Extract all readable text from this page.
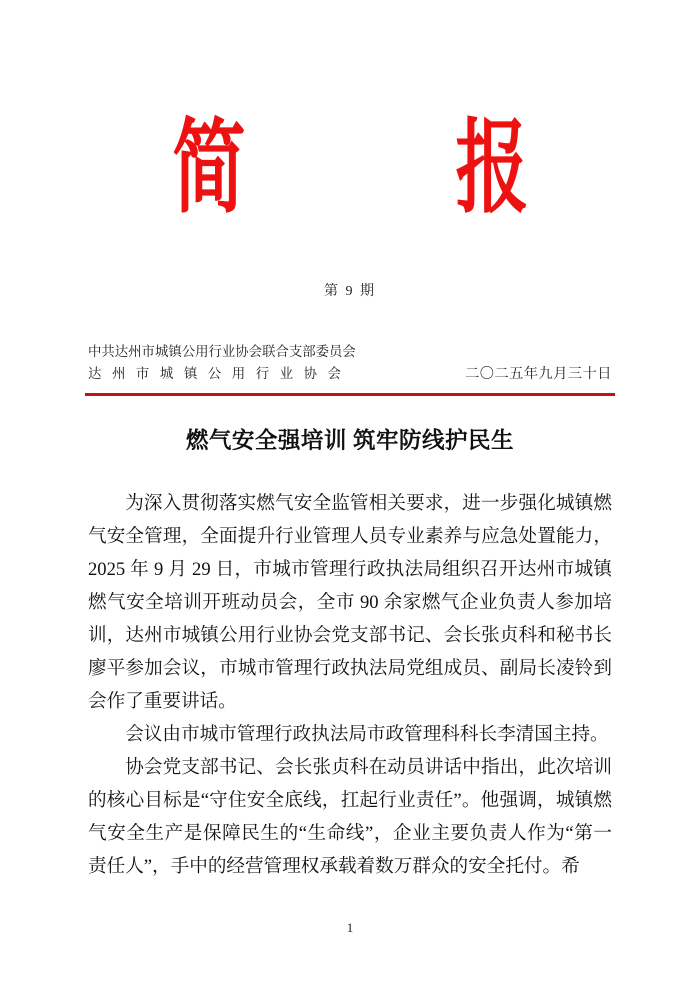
简 报
第 9 期
中共达州市城镇公用行业协会联合支部委员会
达州市城镇公用行业协会	二〇二五年九月三十日
燃气安全强培训 筑牢防线护民生

为深入贯彻落实燃气安全监管相关要求，进一步强化城镇燃气安全管理，全面提升行业管理人员专业素养与应急处置能力，2025 年 9 月 29 日，市城市管理行政执法局组织召开达州市城镇燃气安全培训开班动员会，全市 90 余家燃气企业负责人参加培训，达州市城镇公用行业协会党支部书记、会长张贞科和秘书长廖平参加会议，市城市管理行政执法局党组成员、副局长凌铃到会作了重要讲话。

会议由市城市管理行政执法局市政管理科科长李清国主持。

协会党支部书记、会长张贞科在动员讲话中指出，此次培训的核心目标是“守住安全底线，扛起行业责任”。他强调，城镇燃气安全生产是保障民生的“生命线”，企业主要负责人作为“第一责任人”，手中的经营管理权承载着数万群众的安全托付。希

1
